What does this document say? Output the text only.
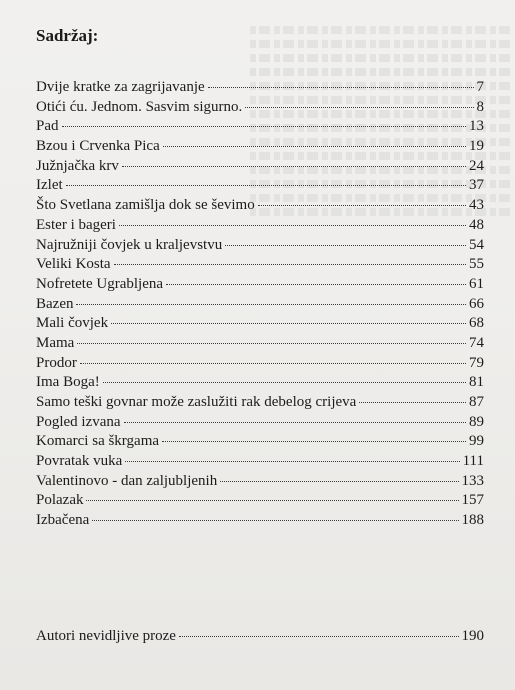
Sadržaj:
Dvije kratke za zagrijavanje	7
Otići ću. Jednom. Sasvim sigurno.	8
Pad	13
Bzou i Crvenka Pica	19
Južnjačka krv	24
Izlet	37
Što Svetlana zamišlja dok se ševimo	43
Ester i bageri	48
Najružniji čovjek u kraljevstvu	54
Veliki Kosta	55
Nofretete Ugrabljena	61
Bazen	66
Mali čovjek	68
Mama	74
Prodor	79
Ima Boga!	81
Samo teški govnar može zaslužiti rak debelog crijeva	87
Pogled izvana	89
Komarci sa škrgama	99
Povratak vuka	111
Valentinovo - dan zaljubljenih	133
Polazak	157
Izbačena	188
Autori nevidljive proze	190
